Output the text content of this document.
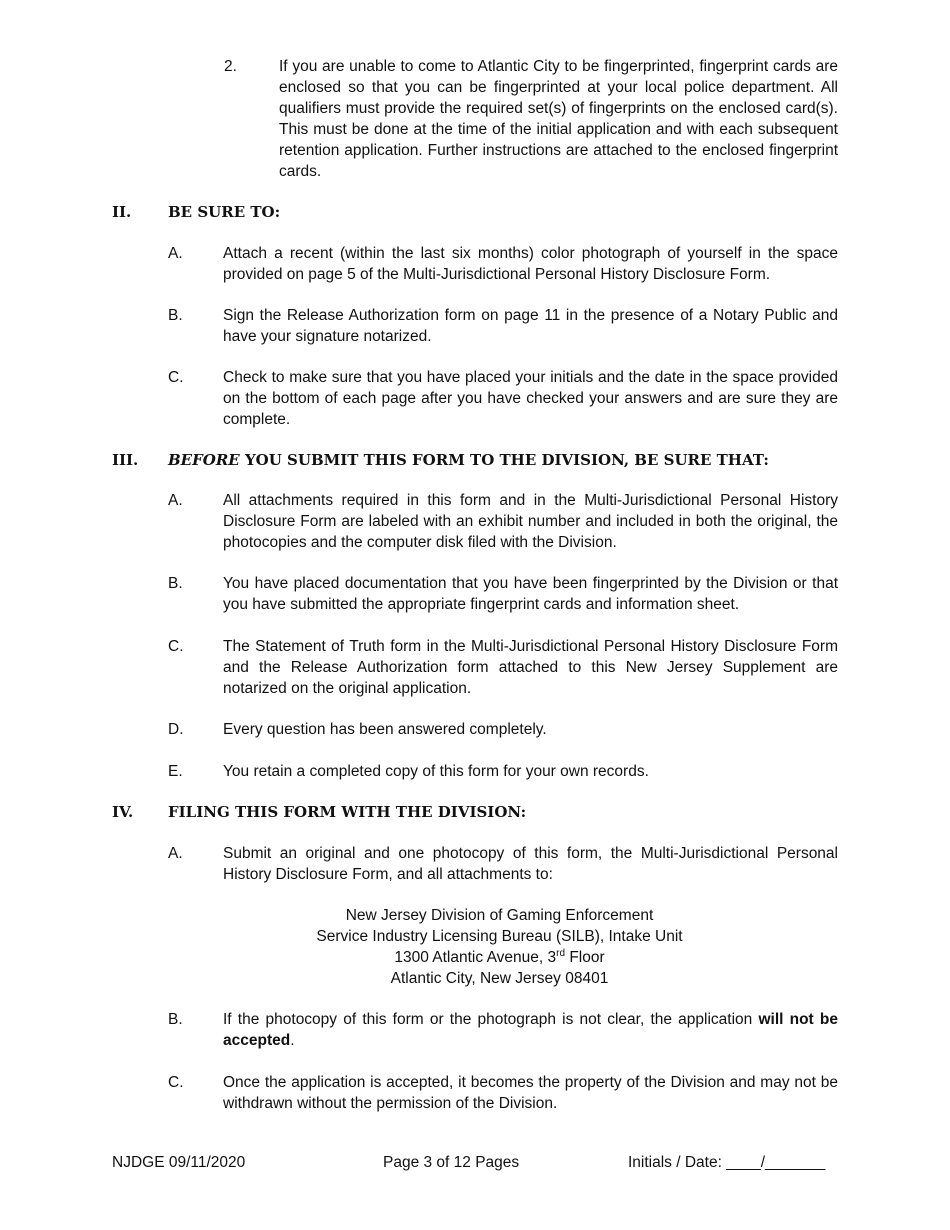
2.	If you are unable to come to Atlantic City to be fingerprinted, fingerprint cards are enclosed so that you can be fingerprinted at your local police department. All qualifiers must provide the required set(s) of fingerprints on the enclosed card(s). This must be done at the time of the initial application and with each subsequent retention application. Further instructions are attached to the enclosed fingerprint cards.
II. BE SURE TO:
A.	Attach a recent (within the last six months) color photograph of yourself in the space provided on page 5 of the Multi-Jurisdictional Personal History Disclosure Form.
B.	Sign the Release Authorization form on page 11 in the presence of a Notary Public and have your signature notarized.
C.	Check to make sure that you have placed your initials and the date in the space provided on the bottom of each page after you have checked your answers and are sure they are complete.
III. BEFORE YOU SUBMIT THIS FORM TO THE DIVISION, BE SURE THAT:
A.	All attachments required in this form and in the Multi-Jurisdictional Personal History Disclosure Form are labeled with an exhibit number and included in both the original, the photocopies and the computer disk filed with the Division.
B.	You have placed documentation that you have been fingerprinted by the Division or that you have submitted the appropriate fingerprint cards and information sheet.
C.	The Statement of Truth form in the Multi-Jurisdictional Personal History Disclosure Form and the Release Authorization form attached to this New Jersey Supplement are notarized on the original application.
D.	Every question has been answered completely.
E.	You retain a completed copy of this form for your own records.
IV. FILING THIS FORM WITH THE DIVISION:
A.	Submit an original and one photocopy of this form, the Multi-Jurisdictional Personal History Disclosure Form, and all attachments to:
New Jersey Division of Gaming Enforcement
Service Industry Licensing Bureau (SILB), Intake Unit
1300 Atlantic Avenue, 3rd Floor
Atlantic City, New Jersey 08401
B.	If the photocopy of this form or the photograph is not clear, the application will not be accepted.
C.	Once the application is accepted, it becomes the property of the Division and may not be withdrawn without the permission of the Division.
NJDGE 09/11/2020	Page 3 of 12 Pages	Initials / Date: ____/_______
